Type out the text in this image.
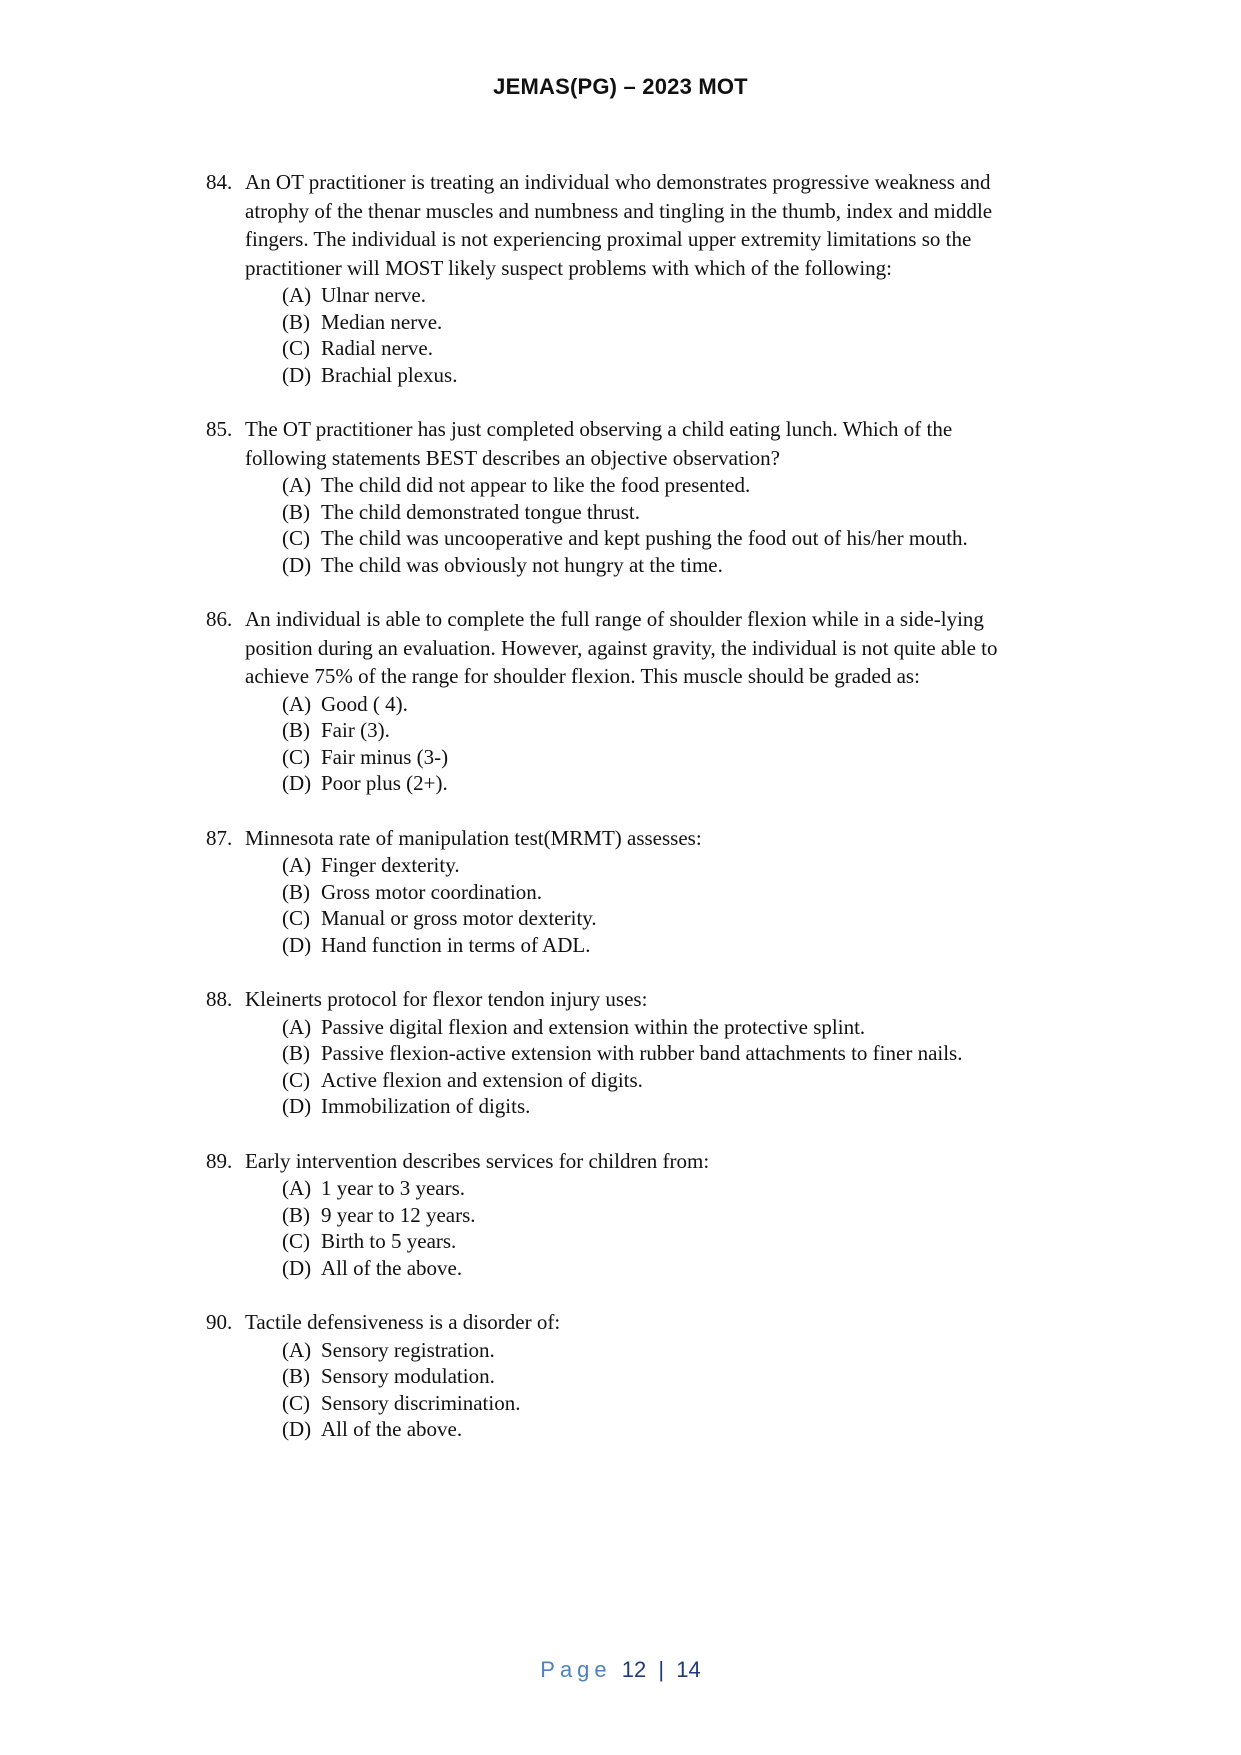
JEMAS(PG) – 2023 MOT
84. An OT practitioner is treating an individual who demonstrates progressive weakness and atrophy of the thenar muscles and numbness and tingling in the thumb, index and middle fingers. The individual is not experiencing proximal upper extremity limitations so the practitioner will MOST likely suspect problems with which of the following:
(A) Ulnar nerve.
(B) Median nerve.
(C) Radial nerve.
(D) Brachial plexus.
85. The OT practitioner has just completed observing a child eating lunch. Which of the following statements BEST describes an objective observation?
(A) The child did not appear to like the food presented.
(B) The child demonstrated tongue thrust.
(C) The child was uncooperative and kept pushing the food out of his/her mouth.
(D) The child was obviously not hungry at the time.
86. An individual is able to complete the full range of shoulder flexion while in a side-lying position during an evaluation. However, against gravity, the individual is not quite able to achieve 75% of the range for shoulder flexion. This muscle should be graded as:
(A) Good ( 4).
(B) Fair (3).
(C) Fair minus (3-)
(D) Poor plus (2+).
87. Minnesota rate of manipulation test(MRMT) assesses:
(A) Finger dexterity.
(B) Gross motor coordination.
(C) Manual or gross motor dexterity.
(D) Hand function in terms of ADL.
88. Kleinerts protocol for flexor tendon injury uses:
(A) Passive digital flexion and extension within the protective splint.
(B) Passive flexion-active extension with rubber band attachments to finer nails.
(C) Active flexion and extension of digits.
(D) Immobilization of digits.
89. Early intervention describes services for children from:
(A) 1 year to 3 years.
(B) 9 year to 12 years.
(C) Birth to 5 years.
(D) All of the above.
90. Tactile defensiveness is a disorder of:
(A) Sensory registration.
(B) Sensory modulation.
(C) Sensory discrimination.
(D) All of the above.
Page 12 | 14
